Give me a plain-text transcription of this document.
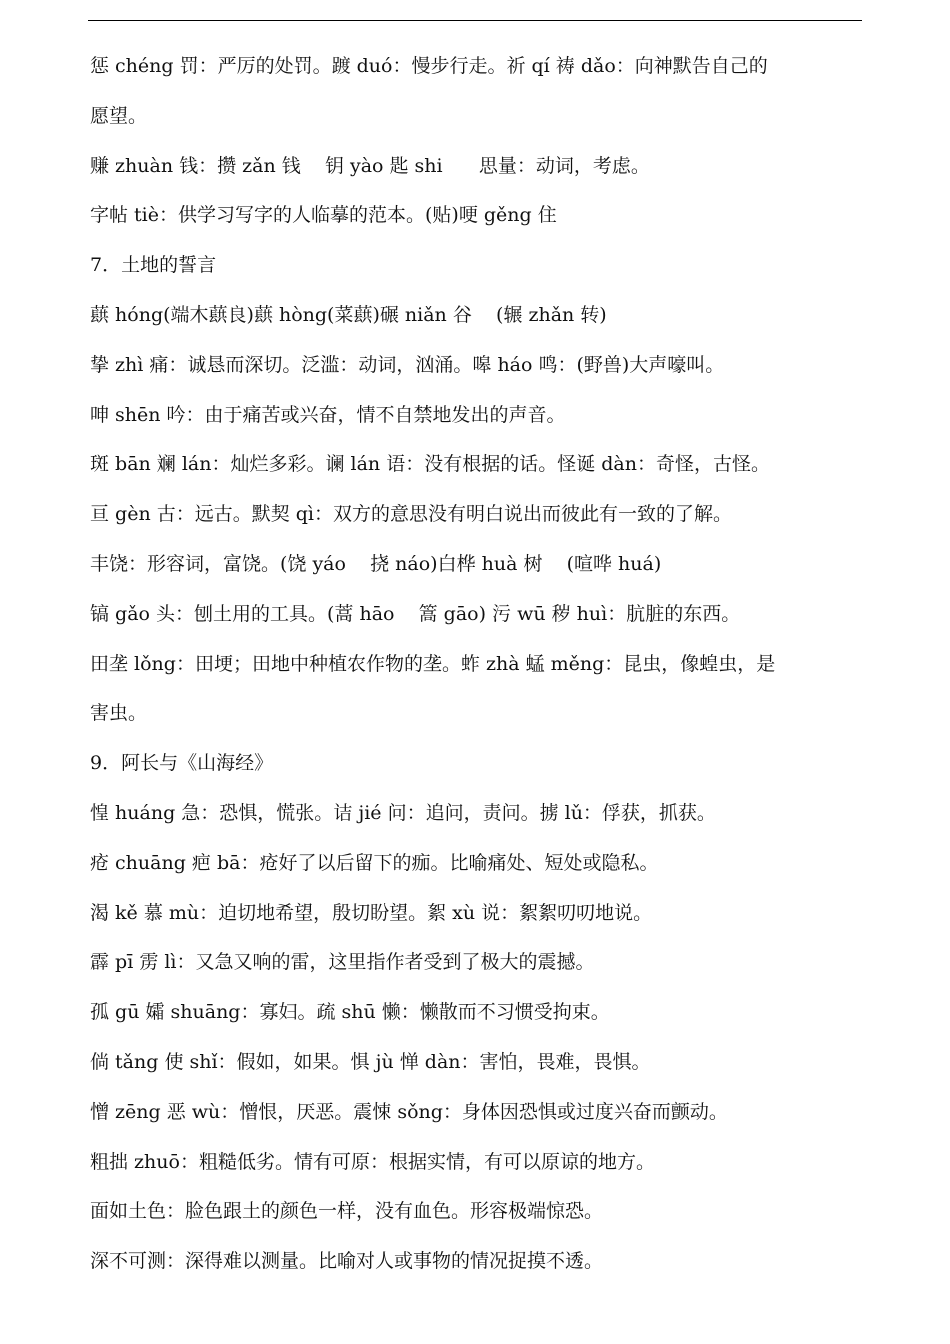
惩 chéng 罚：严厉的处罚。踱 duó：慢步行走。祈 qí 祷 dǎo：向神默告自己的
愿望。
赚 zhuàn 钱：攒 zǎn 钱    钥 yào 匙 shi      思量：动词，考虑。
字帖 tiè：供学习写字的人临摹的范本。(贴)哽 gěng 住
7．土地的誓言
蕻 hóng(端木蕻良)蕻 hòng(菜蕻)碾 niǎn 谷    (辗 zhǎn 转)
挚 zhì 痛：诚恳而深切。泛滥：动词，汹涌。嗥 háo 鸣：(野兽)大声嚎叫。
呻 shēn 吟：由于痛苦或兴奋，情不自禁地发出的声音。
斑 bān 斓 lán：灿烂多彩。谰 lán 语：没有根据的话。怪诞 dàn：奇怪，古怪。
亘 gèn 古：远古。默契 qì：双方的意思没有明白说出而彼此有一致的了解。
丰饶：形容词，富饶。(饶 yáo    挠 náo)白桦 huà 树    (喧哗 huá)
镐 gǎo 头：刨土用的工具。(蒿 hāo    篙 gāo) 污 wū 秽 huì：肮脏的东西。
田垄 lǒng：田埂；田地中种植农作物的垄。蚱 zhà 蜢 měng：昆虫，像蝗虫，是
害虫。
9．阿长与《山海经》
惶 huáng 急：恐惧，慌张。诘 jié 问：追问，责问。掳 lǔ：俘获，抓获。
疮 chuāng 疤 bā：疮好了以后留下的痂。比喻痛处、短处或隐私。
渴 kě 慕 mù：迫切地希望，殷切盼望。絮 xù 说：絮絮叨叨地说。
霹 pī 雳 lì：又急又响的雷，这里指作者受到了极大的震撼。
孤 gū 孀 shuāng：寡妇。疏 shū 懒：懒散而不习惯受拘束。
倘 tǎng 使 shǐ：假如，如果。惧 jù 惮 dàn：害怕，畏难，畏惧。
憎 zēng 恶 wù：憎恨，厌恶。震悚 sǒng：身体因恐惧或过度兴奋而颤动。
粗拙 zhuō：粗糙低劣。情有可原：根据实情，有可以原谅的地方。
面如土色：脸色跟土的颜色一样，没有血色。形容极端惊恐。
深不可测：深得难以测量。比喻对人或事物的情况捉摸不透。
